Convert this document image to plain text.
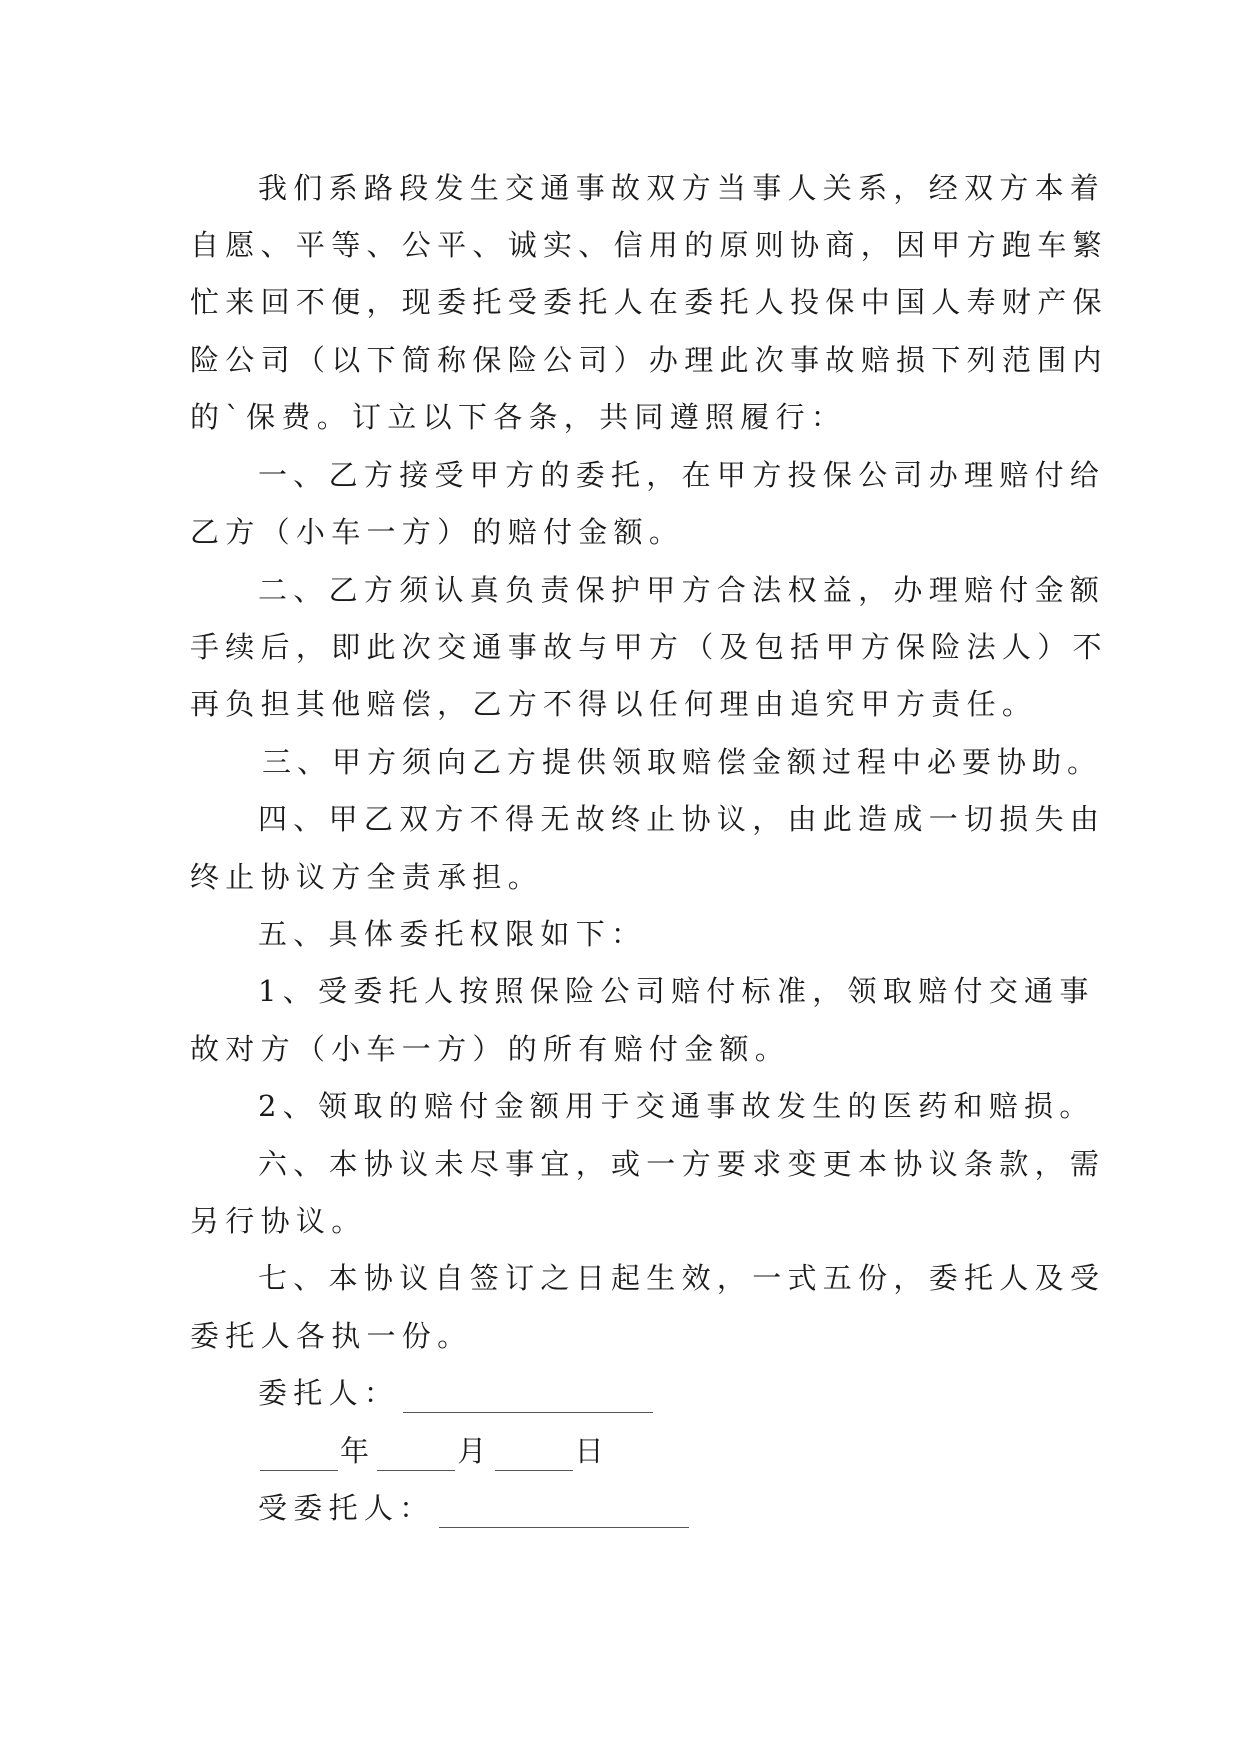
我们系路段发生交通事故双方当事人关系，经双方本着
自愿、平等、公平、诚实、信用的原则协商，因甲方跑车繁
忙来回不便，现委托受委托人在委托人投保中国人寿财产保
险公司（以下简称保险公司）办理此次事故赔损下列范围内
的`保费。订立以下各条，共同遵照履行：
一、乙方接受甲方的委托，在甲方投保公司办理赔付给
乙方（小车一方）的赔付金额。
二、乙方须认真负责保护甲方合法权益，办理赔付金额
手续后，即此次交通事故与甲方（及包括甲方保险法人）不
再负担其他赔偿，乙方不得以任何理由追究甲方责任。
三、甲方须向乙方提供领取赔偿金额过程中必要协助。
四、甲乙双方不得无故终止协议，由此造成一切损失由
终止协议方全责承担。
五、具体委托权限如下：
1、受委托人按照保险公司赔付标准，领取赔付交通事
故对方（小车一方）的所有赔付金额。
2、领取的赔付金额用于交通事故发生的医药和赔损。
六、本协议未尽事宜，或一方要求变更本协议条款，需
另行协议。
七、本协议自签订之日起生效，一式五份，委托人及受
委托人各执一份。
委托人：
年	月	日
受委托人：
